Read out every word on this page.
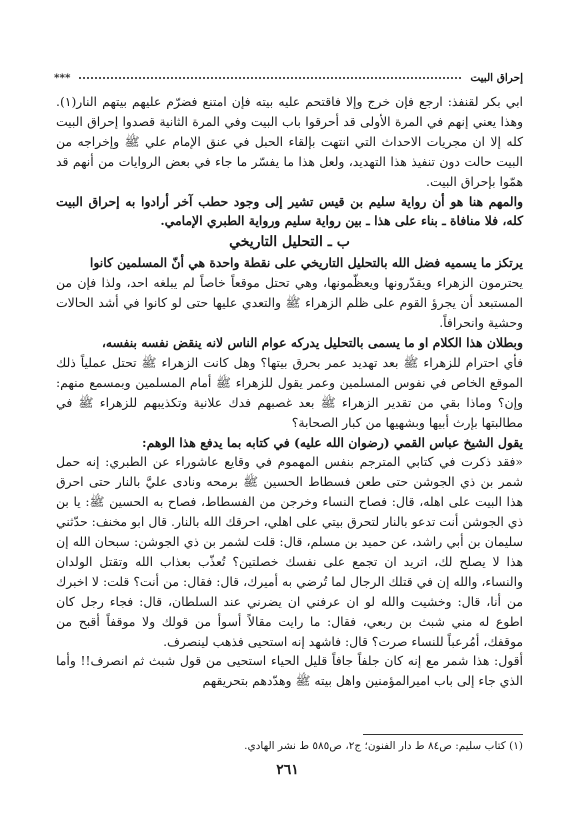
إحراق البيت
***

ابي بكر لقنفذ: ارجع فإن خرج وإلا فاقتحم عليه بيته فإن امتنع فضرّم عليهم بيتهم النار(١). وهذا يعني إنهم في المرة الأولى قد أحرقوا باب البيت وفي المرة الثانية قصدوا إحراق البيت كله إلا ان مجريات الاحداث التي انتهت بإلقاء الحبل في عنق الإمام علي ﷺ وإخراجه من البيت حالت دون تنفيذ هذا التهديد، ولعل هذا ما يفسّر ما جاء في بعض الروايات من أنهم قد همّوا بإحراق البيت.

والمهم هنا هو أن رواية سليم بن قيس تشير إلى وجود حطب آخر أرادوا به إحراق البيت كله، فلا منافاة ـ بناء على هذا ـ بين رواية سليم ورواية الطبري الإمامي.

ب ـ التحليل التاريخي

يرتكز ما يسميه فضل الله بالتحليل التاريخي على نقطة واحدة هي أنّ المسلمين كانوا

يحترمون الزهراء ويقدّرونها ويعظّمونها، وهي تحتل موقعاً خاصاً لم يبلغه احد، ولذا فإن من المستبعد أن يجرؤ القوم على ظلم الزهراء ﷺ والتعدي عليها حتى لو كانوا في أشد الحالات وحشية وانحرافاً.

وبطلان هذا الكلام او ما يسمى بالتحليل يدركه عوام الناس لانه ينقض نفسه بنفسه،

فأي احترام للزهراء ﷺ بعد تهديد عمر بحرق بيتها؟ وهل كانت الزهراء ﷺ تحتل عملياً ذلك الموقع الخاص في نفوس المسلمين وعمر يقول للزهراء ﷺ أمام المسلمين وبمسمع منهم: وإن؟ وماذا بقي من تقدير الزهراء ﷺ بعد غصبهم فدك علانية وتكذيبهم للزهراء ﷺ في مطالبتها بإرث أبيها وبشهيها من كبار الصحابة؟

يقول الشيخ عباس القمي (رضوان الله عليه) في كتابه بما يدفع هذا الوهم:

«فقد ذكرت في كتابي المترجم بنفس المهموم في وقايع عاشوراء عن الطبري: إنه حمل شمر بن ذي الجوشن حتى طعن فسطاط الحسين ﷺ برمحه ونادى عليَّ بالنار حتى احرق هذا البيت على اهله، قال: فصاح النساء وخرجن من الفسطاط، فصاح به الحسين ﷺ: يا بن ذي الجوشن أنت تدعو بالنار لتحرق بيتي على اهلي، احرقك الله بالنار. قال ابو مخنف: حدّثني سليمان بن أبي راشد، عن حميد بن مسلم، قال: قلت لشمر بن ذي الجوشن: سبحان الله إن هذا لا يصلح لك، اتريد ان تجمع على نفسك خصلتين؟ تُعذّب بعذاب الله وتقتل الولدان والنساء، والله إن في قتلك الرجال لما تُرضي به أميرك، قال: فقال: من أنت؟ قلت: لا اخبرك من أنا، قال: وخشيت والله لو ان عرفني ان يضرني عند السلطان، قال: فجاء رجل كان اطوع له مني شبث بن ربعي، فقال: ما رايت مقالاً أسوأ من قولك ولا موقفاً أقبح من موقفك، أمُرعباً للنساء صرت؟ قال: فاشهد إنه استحيى فذهب لينصرف.

أقول: هذا شمر مع إنه كان جلفاً جافاً قليل الحياء استحيى من قول شبث ثم انصرف!! وأما الذي جاء إلى باب اميرالمؤمنين واهل بيته ﷺ وهدّدهم بتحريقهم

(١) كتاب سليم: ص٨٤ ط دار الفنون؛ ج٢، ص٥٨٥ ط نشر الهادي.
٢٦١
